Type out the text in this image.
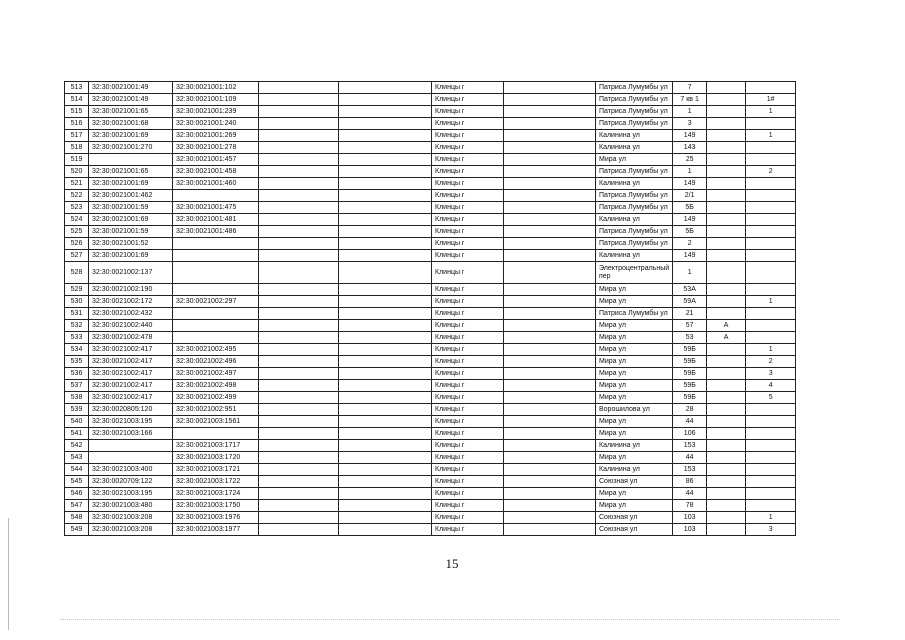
513	32:30:0021001:49	32:30:0021001:102			Клинцы г		Патриса Лумумбы ул	7		
514	32:30:0021001:49	32:30:0021001:109			Клинцы г		Патриса Лумумбы ул	7 кв 1		1#
515	32:30:0021001:65	32:30:0021001:239			Клинцы г		Патриса Лумумбы ул	1		1
516	32:30:0021001:68	32:30:0021001:240			Клинцы г		Патриса Лумумбы ул	3		
517	32:30:0021001:69	32:30:0021001:269			Клинцы г		Калинина ул	149		1
518	32:30:0021001:270	32:30:0021001:278			Клинцы г		Калинина ул	143		
519		32:30:0021001:457			Клинцы г		Мира ул	25		
520	32:30:0021001:65	32:30:0021001:458			Клинцы г		Патриса Лумумбы ул	1		2
521	32:30:0021001:69	32:30:0021001:460			Клинцы г		Калинина ул	149		
522	32:30:0021001:462				Клинцы г		Патриса Лумумбы ул	2/1		
523	32:30:0021001:59	32:30:0021001:475			Клинцы г		Патриса Лумумбы ул	5Б		
524	32:30:0021001:69	32:30:0021001:481			Клинцы г		Калинина ул	149		
525	32:30:0021001:59	32:30:0021001:486			Клинцы г		Патриса Лумумбы ул	5Б		
526	32:30:0021001:52				Клинцы г		Патриса Лумумбы ул	2		
527	32:30:0021001:69				Клинцы г		Калинина ул	149		
528	32:30:0021002:137				Клинцы г		Электроцентральный пер	1		
529	32:30:0021002:190				Клинцы г		Мира ул	53А		
530	32:30:0021002:172	32:30:0021002:297			Клинцы г		Мира ул	59А		1
531	32:30:0021002:432				Клинцы г		Патриса Лумумбы ул	21		
532	32:30:0021002:440				Клинцы г		Мира ул	57	А	
533	32:30:0021002:478				Клинцы г		Мира ул	53	А	
534	32:30:0021002:417	32:30:0021002:495			Клинцы г		Мира ул	59Б		1
535	32:30:0021002:417	32:30:0021002:496			Клинцы г		Мира ул	59Б		2
536	32:30:0021002:417	32:30:0021002:497			Клинцы г		Мира ул	59Б		3
537	32:30:0021002:417	32:30:0021002:498			Клинцы г		Мира ул	59Б		4
538	32:30:0021002:417	32:30:0021002:499			Клинцы г		Мира ул	59Б		5
539	32:30:0020805:120	32:30:0021002:951			Клинцы г		Ворошилова ул	28		
540	32:30:0021003:195	32:30:0021003:1561			Клинцы г		Мира ул	44		
541	32:30:0021003:166				Клинцы г		Мира ул	106		
542		32:30:0021003:1717			Клинцы г		Калинина ул	153		
543		32:30:0021003:1720			Клинцы г		Мира ул	44		
544	32:30:0021003:400	32:30:0021003:1721			Клинцы г		Калинина ул	153		
545	32:30:0020709:122	32:30:0021003:1722			Клинцы г		Союзная ул	86		
546	32:30:0021003:195	32:30:0021003:1724			Клинцы г		Мира ул	44		
547	32:30:0021003:480	32:30:0021003:1750			Клинцы г		Мира ул	78		
548	32:30:0021003:208	32:30:0021003:1976			Клинцы г		Союзная ул	103		1
549	32:30:0021003:208	32:30:0021003:1977			Клинцы г		Союзная ул	103		3
15
